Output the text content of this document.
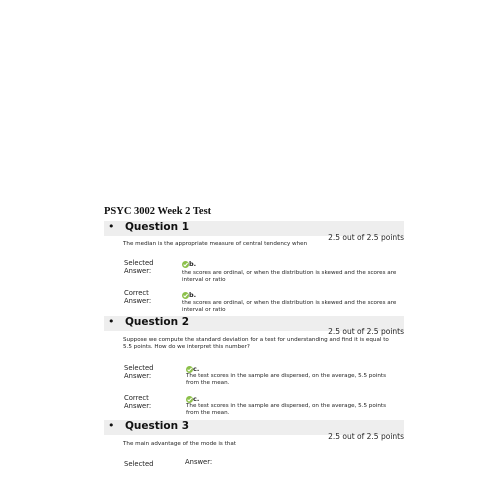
PSYC 3002 Week 2 Test
• Question 1
2.5 out of 2.5 points
The median is the appropriate measure of central tendency when
Selected
Answer:
b.
the scores are ordinal, or when the distribution is skewed and the scores are interval or ratio
Correct
Answer:
b.
the scores are ordinal, or when the distribution is skewed and the scores are interval or ratio
• Question 2
2.5 out of 2.5 points
Suppose we compute the standard deviation for a test for understanding and find it is equal to 5.5 points. How do we interpret this number?
Selected
Answer:
c.
The test scores in the sample are dispersed, on the average, 5.5 points from the mean.
Correct
Answer:
c.
The test scores in the sample are dispersed, on the average, 5.5 points from the mean.
• Question 3
2.5 out of 2.5 points
The main advantage of the mode is that
Selected	Answer:
